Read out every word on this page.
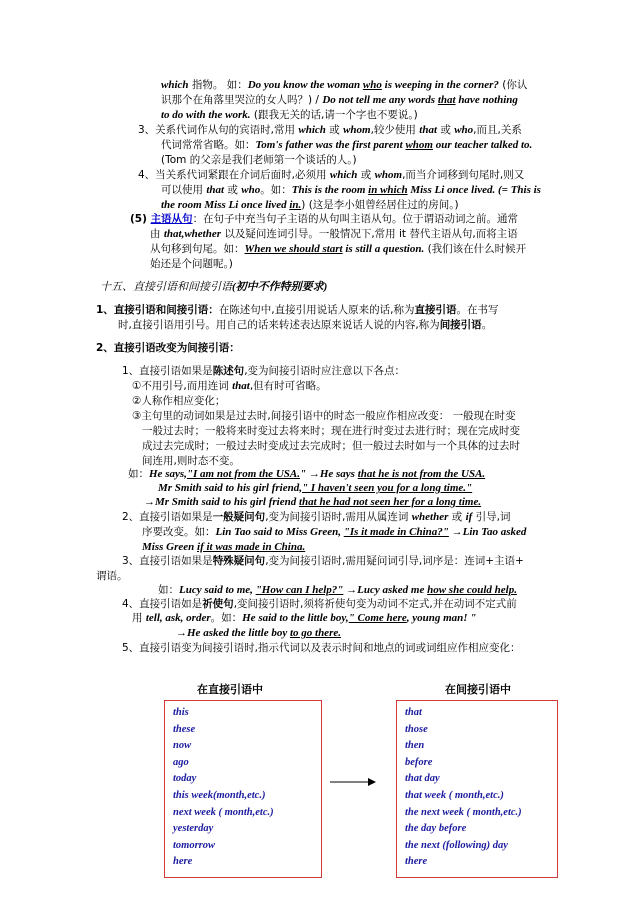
which 指物。 如：Do you know the woman who is weeping in the corner? (你认
识那个在角落里哭泣的女人吗？) / Do not tell me any words that have nothing
to do with the work. (跟我无关的话,请一个字也不要说。)
3、关系代词作从句的宾语时,常用 which 或 whom,较少使用 that 或 who,而且,关系
代词常常省略。如：Tom's father was the first parent whom our teacher talked to.
(Tom 的父亲是我们老师第一个谈话的人。)
4、当关系代词紧跟在介词后面时,必须用 which 或 whom,而当介词移到句尾时,则又
可以使用 that 或 who。如：This is the room in which Miss Li once lived. (= This is
the room Miss Li once lived in.) (这是李小姐曾经居住过的房间。)
(5) 主语从句：在句子中充当句子主语的从句叫主语从句。位于谓语动词之前。通常
由 that,whether 以及疑问连词引导。一般情况下,常用 it 替代主语从句,而将主语
从句移到句尾。如：When we should start is still a question. (我们该在什么时候开
始还是个问题呢。)
十五、直接引语和间接引语(初中不作特别要求)
1、直接引语和间接引语：在陈述句中,直接引用说话人原来的话,称为直接引语。在书写
时,直接引语用引号。用自己的话来转述表达原来说话人说的内容,称为间接引语。
2、直接引语改变为间接引语：
1、直接引语如果是陈述句,变为间接引语时应注意以下各点：
①不用引号,而用连词 that,但有时可省略。
②人称作相应变化；
③主句里的动词如果是过去时,间接引语中的时态一般应作相应改变： 一般现在时变
一般过去时；一般将来时变过去将来时；现在进行时变过去进行时；现在完成时变
成过去完成时；一般过去时变成过去完成时；但一般过去时如与一个具体的过去时
间连用,则时态不变。
如：He says,"I am not from the USA." →He says that he is not from the USA.
Mr Smith said to his girl friend," I haven't seen you for a long time."
→Mr Smith said to his girl friend that he had not seen her for a long time.
2、直接引语如果是一般疑问句,变为间接引语时,需用从属连词 whether 或 if 引导,词
序要改变。如：Lin Tao said to Miss Green, "Is it made in China?" →Lin Tao asked
Miss Green if it was made in China.
3、直接引语如果是特殊疑问句,变为间接引语时,需用疑问词引导,词序是：连词+主语+
谓语。
如：Lucy said to me, "How can I help?" →Lucy asked me how she could help.
4、直接引语如是祈使句,变间接引语时,须将祈使句变为动词不定式,并在动词不定式前
用 tell, ask, order。如：He said to the little boy," Come here, young man! "
→He asked the little boy to go there.
5、直接引语变为间接引语时,指示代词以及表示时间和地点的词或词组应作相应变化：
在直接引语中	在间接引语中
this
these
now
ago
today
this week(month,etc.)
next week ( month,etc.)
yesterday
tomorrow
here
that
those
then
before
that day
that week ( month,etc.)
the next week ( month,etc.)
the day before
the next (following) day
there
